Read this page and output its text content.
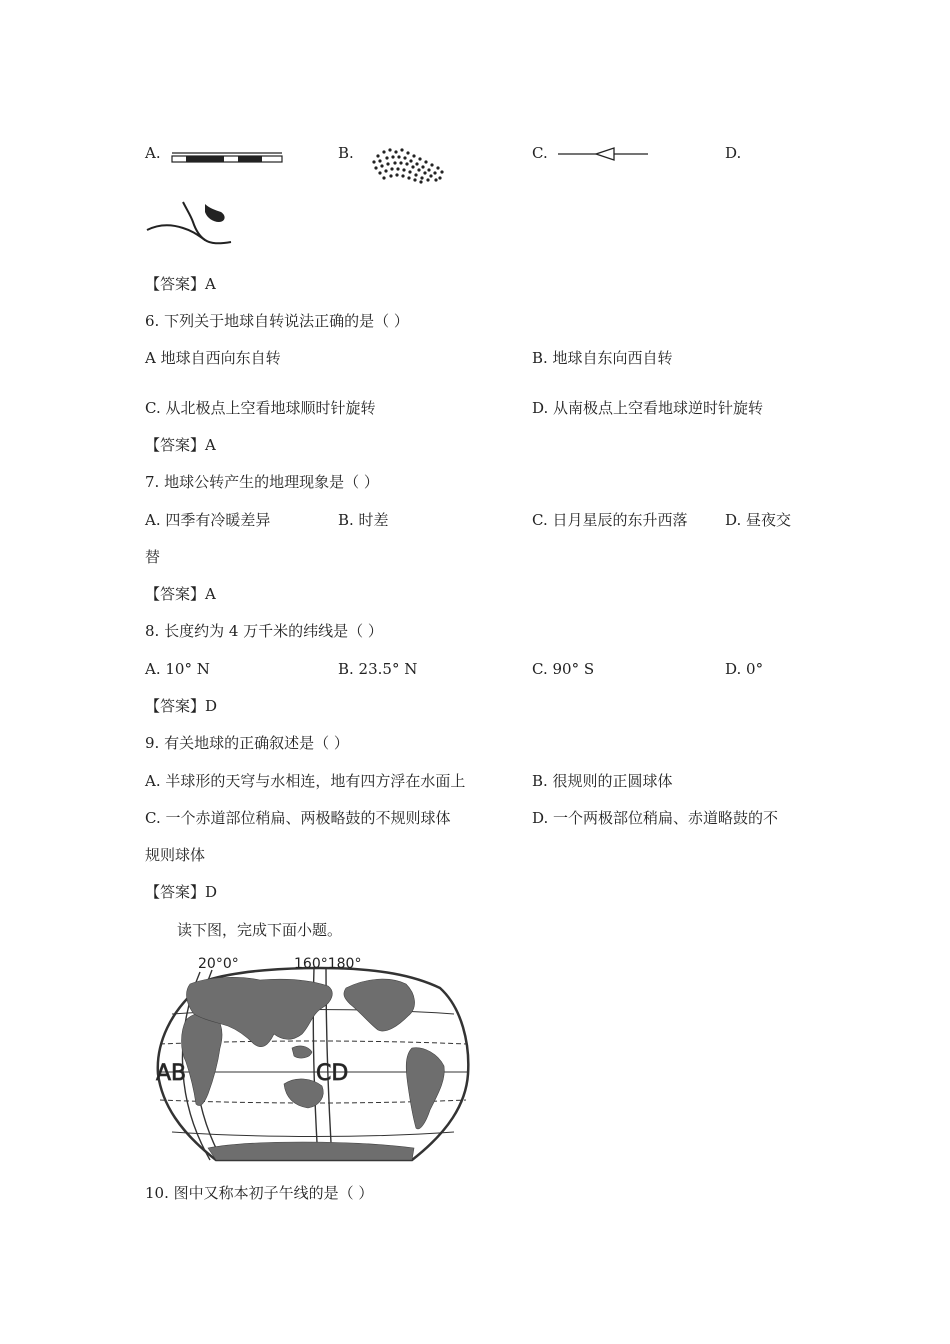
A.	B.	C.	D.
【答案】A
6. 下列关于地球自转说法正确的是（ ）
A 地球自西向东自转	B. 地球自东向西自转
C. 从北极点上空看地球顺时针旋转	D. 从南极点上空看地球逆时针旋转
【答案】A
7. 地球公转产生的地理现象是（ ）
A. 四季有冷暖差异	B. 时差	C. 日月星辰的东升西落	D. 昼夜交
替
【答案】A
8. 长度约为 4 万千米的纬线是（ ）
A. 10° N	B. 23.5° N	C. 90° S	D. 0°
【答案】D
9. 有关地球的正确叙述是（ ）
A. 半球形的天穹与水相连，地有四方浮在水面上	B. 很规则的正圆球体
C. 一个赤道部位稍扁、两极略鼓的不规则球体	D. 一个两极部位稍扁、赤道略鼓的不
规则球体
【答案】D
读下图，完成下面小题。
20°0°	160°180°
AB	CD
10. 图中又称本初子午线的是（ ）
